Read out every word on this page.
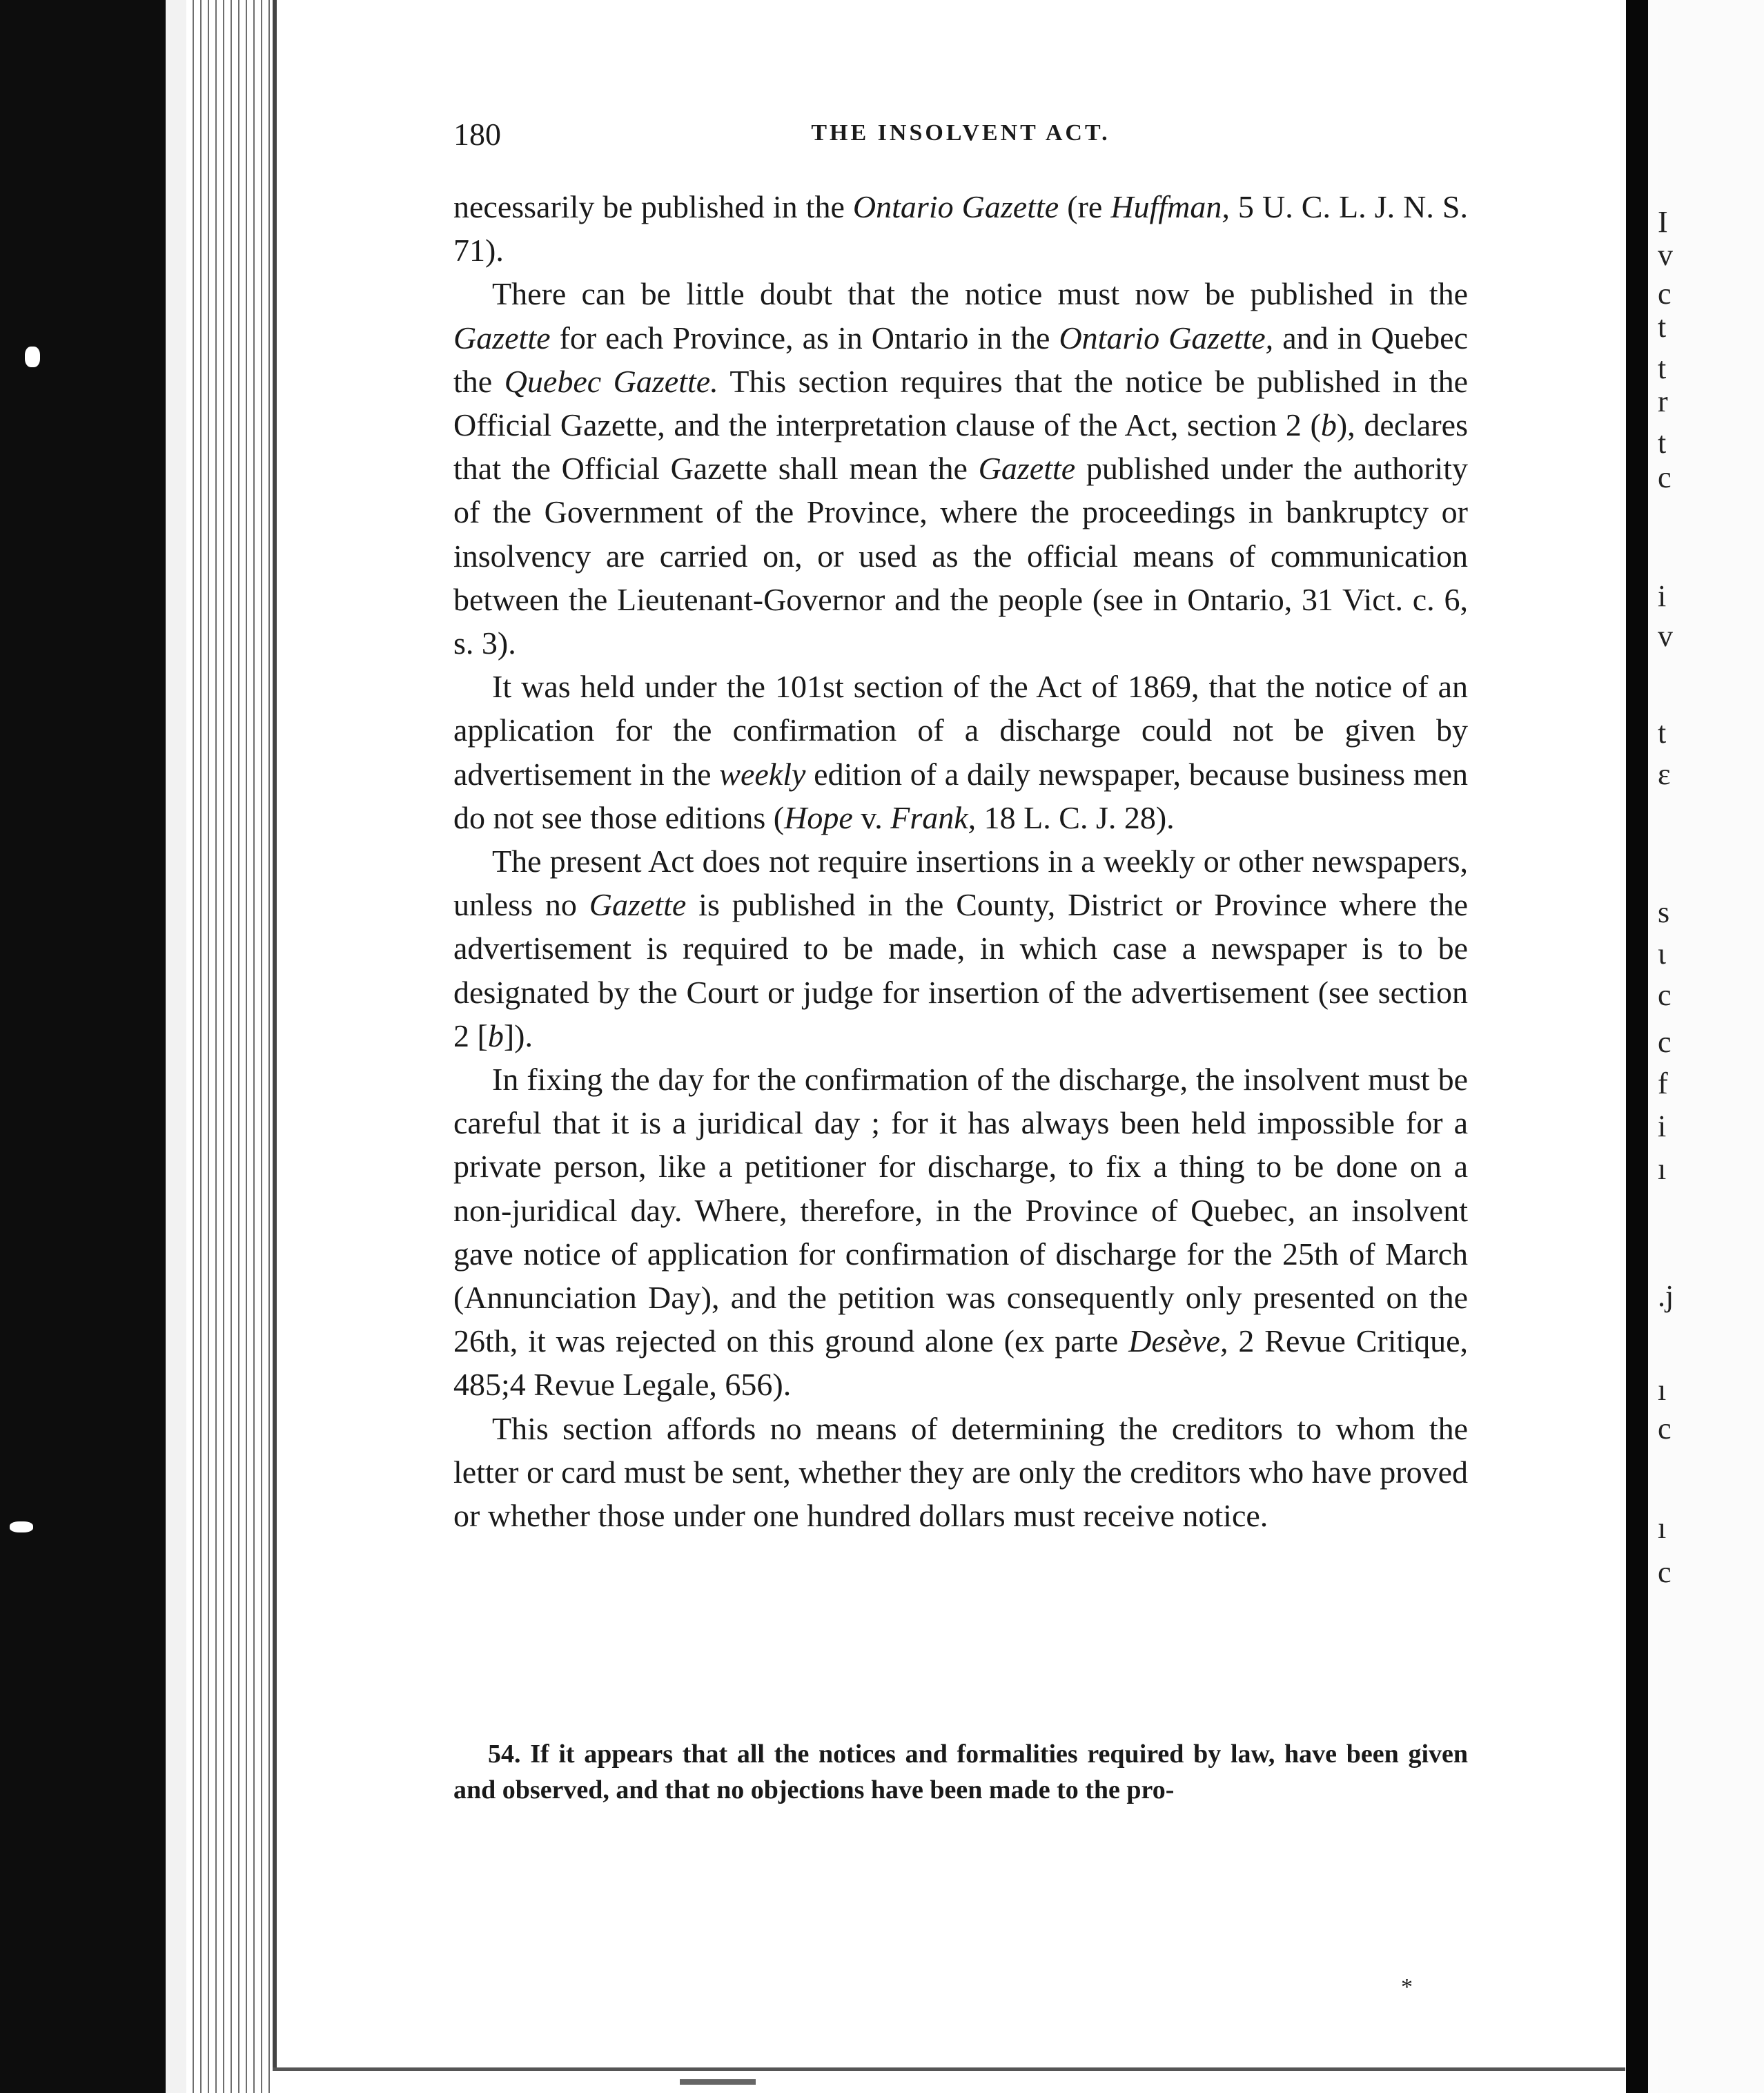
I
v
c
t
t
r
t
c
i
v
t
ε
s
ι
c
c
f
i
ı
.j
ı
c
ı
c
180	THE INSOLVENT ACT.

necessarily be published in the Ontario Gazette (re Huffman, 5 U. C. L. J. N. S. 71).

There can be little doubt that the notice must now be published in the Gazette for each Province, as in Ontario in the Ontario Gazette, and in Quebec the Quebec Gazette. This section requires that the notice be published in the Official Gazette, and the interpretation clause of the Act, section 2 (b), declares that the Official Gazette shall mean the Gazette published under the authority of the Government of the Province, where the proceedings in bankruptcy or insolvency are carried on, or used as the official means of communication between the Lieutenant-Governor and the people (see in Ontario, 31 Vict. c. 6, s. 3).

It was held under the 101st section of the Act of 1869, that the notice of an application for the confirmation of a discharge could not be given by advertisement in the weekly edition of a daily newspaper, because business men do not see those editions (Hope v. Frank, 18 L. C. J. 28).

The present Act does not require insertions in a weekly or other newspapers, unless no Gazette is published in the County, District or Province where the advertisement is required to be made, in which case a newspaper is to be designated by the Court or judge for insertion of the advertisement (see section 2 [b]).

In fixing the day for the confirmation of the discharge, the insolvent must be careful that it is a juridical day ; for it has always been held impossible for a private person, like a petitioner for discharge, to fix a thing to be done on a non-juridical day. Where, therefore, in the Province of Quebec, an insolvent gave notice of application for confirmation of discharge for the 25th of March (Annunciation Day), and the petition was consequently only presented on the 26th, it was rejected on this ground alone (ex parte Desève, 2 Revue Critique, 485;4 Revue Legale, 656).

This section affords no means of determining the creditors to whom the letter or card must be sent, whether they are only the creditors who have proved or whether those under one hundred dollars must receive notice.

54. If it appears that all the notices and formalities required by law, have been given and observed, and that no objections have been made to the pro-

*
